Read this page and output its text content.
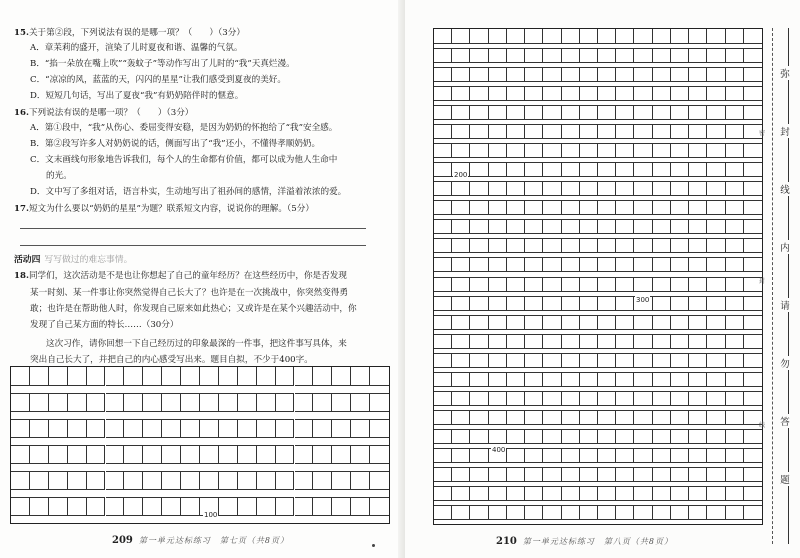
15.关于第②段，下列说法有误的是哪一项？（　　）（3分）
A．章苿莉的盛开，渲染了儿时夏夜和谐、温馨的气氛。
B．“掐一朵放在嘴上吹”“轰蚊子”等动作写出了儿时的“我”天真烂漫。
C．“凉凉的风，蓝蓝的天，闪闪的星星”让我们感受到夏夜的美好。
D．短短几句话，写出了夏夜“我”有奶奶陪伴时的惬意。
16.下列说法有误的是哪一项？（　　）（3分）
A．第①段中，“我”从伤心、委屈变得安稳，是因为奶奶的怀抱给了“我”安全感。
B．第②段写许多人对奶奶说的话，侧面写出了“我”还小，不懂得孝顺奶奶。
C．文末画线句形象地告诉我们，每个人的生命都有价值，都可以成为他人生命中
的光。
D．文中写了多组对话，语言朴实，生动地写出了祖孙间的感情，洋溢着浓浓的爱。
17.短文为什么要以“奶奶的星星”为题？联系短文内容，说说你的理解。（5分）
活动四 写写做过的难忘事情。
18.同学们，这次活动是不是也让你想起了自己的童年经历？在这些经历中，你是否发现
某一时刻、某一件事让你突然觉得自己长大了？也许是在一次挑战中，你突然变得勇
敢；也许是在帮助他人时，你发现自己原来如此热心；又或许是在某个兴趣活动中，你
发现了自己某方面的特长……（30分）
这次习作，请你回想一下自己经历过的印象最深的一件事，把这件事写具体，来
突出自己长大了，并把自己的内心感受写出来。题目自拟，不少于400字。
100
209 第一单元达标练习　第七页（共8页）
200
300
400
210 第一单元达标练习　第八页（共8页）
弥
封
线
内
请
勿
答
题
密
封
线
